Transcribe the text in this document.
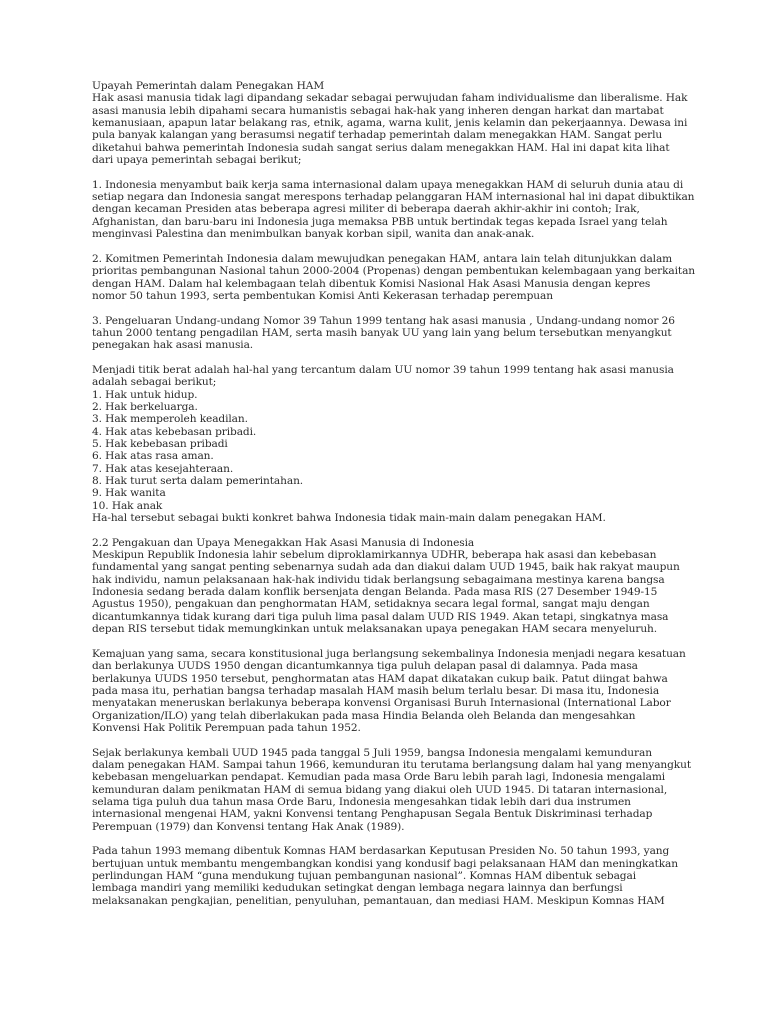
Upayah Pemerintah dalam Penegakan HAM
Hak asasi manusia tidak lagi dipandang sekadar sebagai perwujudan faham individualisme dan liberalisme. Hak
asasi manusia lebih dipahami secara humanistis sebagai hak-hak yang inheren dengan harkat dan martabat
kemanusiaan, apapun latar belakang ras, etnik, agama, warna kulit, jenis kelamin dan pekerjaannya. Dewasa ini
pula banyak kalangan yang berasumsi negatif terhadap pemerintah dalam menegakkan HAM. Sangat perlu
diketahui bahwa pemerintah Indonesia sudah sangat serius dalam menegakkan HAM. Hal ini dapat kita lihat
dari upaya pemerintah sebagai berikut;
1. Indonesia menyambut baik kerja sama internasional dalam upaya menegakkan HAM di seluruh dunia atau di
setiap negara dan Indonesia sangat merespons terhadap pelanggaran HAM internasional hal ini dapat dibuktikan
dengan kecaman Presiden atas beberapa agresi militer di beberapa daerah akhir-akhir ini contoh; Irak,
Afghanistan, dan baru-baru ini Indonesia juga memaksa PBB untuk bertindak tegas kepada Israel yang telah
menginvasi Palestina dan menimbulkan banyak korban sipil, wanita dan anak-anak.
2. Komitmen Pemerintah Indonesia dalam mewujudkan penegakan HAM, antara lain telah ditunjukkan dalam
prioritas pembangunan Nasional tahun 2000-2004 (Propenas) dengan pembentukan kelembagaan yang berkaitan
dengan HAM. Dalam hal kelembagaan telah dibentuk Komisi Nasional Hak Asasi Manusia dengan kepres
nomor 50 tahun 1993, serta pembentukan Komisi Anti Kekerasan terhadap perempuan
3. Pengeluaran Undang-undang Nomor 39 Tahun 1999 tentang hak asasi manusia , Undang-undang nomor 26
tahun 2000 tentang pengadilan HAM, serta masih banyak UU yang lain yang belum tersebutkan menyangkut
penegakan hak asasi manusia.
Menjadi titik berat adalah hal-hal yang tercantum dalam UU nomor 39 tahun 1999 tentang hak asasi manusia
adalah sebagai berikut;
1. Hak untuk hidup.
2. Hak berkeluarga.
3. Hak memperoleh keadilan.
4. Hak atas kebebasan pribadi.
5. Hak kebebasan pribadi
6. Hak atas rasa aman.
7. Hak atas kesejahteraan.
8. Hak turut serta dalam pemerintahan.
9. Hak wanita
10. Hak anak
Ha-hal tersebut sebagai bukti konkret bahwa Indonesia tidak main-main dalam penegakan HAM.
2.2 Pengakuan dan Upaya Menegakkan Hak Asasi Manusia di Indonesia
Meskipun Republik Indonesia lahir sebelum diproklamirkannya UDHR, beberapa hak asasi dan kebebasan
fundamental yang sangat penting sebenarnya sudah ada dan diakui dalam UUD 1945, baik hak rakyat maupun
hak individu, namun pelaksanaan hak-hak individu tidak berlangsung sebagaimana mestinya karena bangsa
Indonesia sedang berada dalam konflik bersenjata dengan Belanda. Pada masa RIS (27 Desember 1949-15
Agustus 1950), pengakuan dan penghormatan HAM, setidaknya secara legal formal, sangat maju dengan
dicantumkannya tidak kurang dari tiga puluh lima pasal dalam UUD RIS 1949. Akan tetapi, singkatnya masa
depan RIS tersebut tidak memungkinkan untuk melaksanakan upaya penegakan HAM secara menyeluruh.
Kemajuan yang sama, secara konstitusional juga berlangsung sekembalinya Indonesia menjadi negara kesatuan
dan berlakunya UUDS 1950 dengan dicantumkannya tiga puluh delapan pasal di dalamnya. Pada masa
berlakunya UUDS 1950 tersebut, penghormatan atas HAM dapat dikatakan cukup baik. Patut diingat bahwa
pada masa itu, perhatian bangsa terhadap masalah HAM masih belum terlalu besar. Di masa itu, Indonesia
menyatakan meneruskan berlakunya beberapa konvensi Organisasi Buruh Internasional (International Labor
Organization/ILO) yang telah diberlakukan pada masa Hindia Belanda oleh Belanda dan mengesahkan
Konvensi Hak Politik Perempuan pada tahun 1952.
Sejak berlakunya kembali UUD 1945 pada tanggal 5 Juli 1959, bangsa Indonesia mengalami kemunduran
dalam penegakan HAM. Sampai tahun 1966, kemunduran itu terutama berlangsung dalam hal yang menyangkut
kebebasan mengeluarkan pendapat. Kemudian pada masa Orde Baru lebih parah lagi, Indonesia mengalami
kemunduran dalam penikmatan HAM di semua bidang yang diakui oleh UUD 1945. Di tataran internasional,
selama tiga puluh dua tahun masa Orde Baru, Indonesia mengesahkan tidak lebih dari dua instrumen
internasional mengenai HAM, yakni Konvensi tentang Penghapusan Segala Bentuk Diskriminasi terhadap
Perempuan (1979) dan Konvensi tentang Hak Anak (1989).
Pada tahun 1993 memang dibentuk Komnas HAM berdasarkan Keputusan Presiden No. 50 tahun 1993, yang
bertujuan untuk membantu mengembangkan kondisi yang kondusif bagi pelaksanaan HAM dan meningkatkan
perlindungan HAM “guna mendukung tujuan pembangunan nasional”. Komnas HAM dibentuk sebagai
lembaga mandiri yang memiliki kedudukan setingkat dengan lembaga negara lainnya dan berfungsi
melaksanakan pengkajian, penelitian, penyuluhan, pemantauan, dan mediasi HAM. Meskipun Komnas HAM
